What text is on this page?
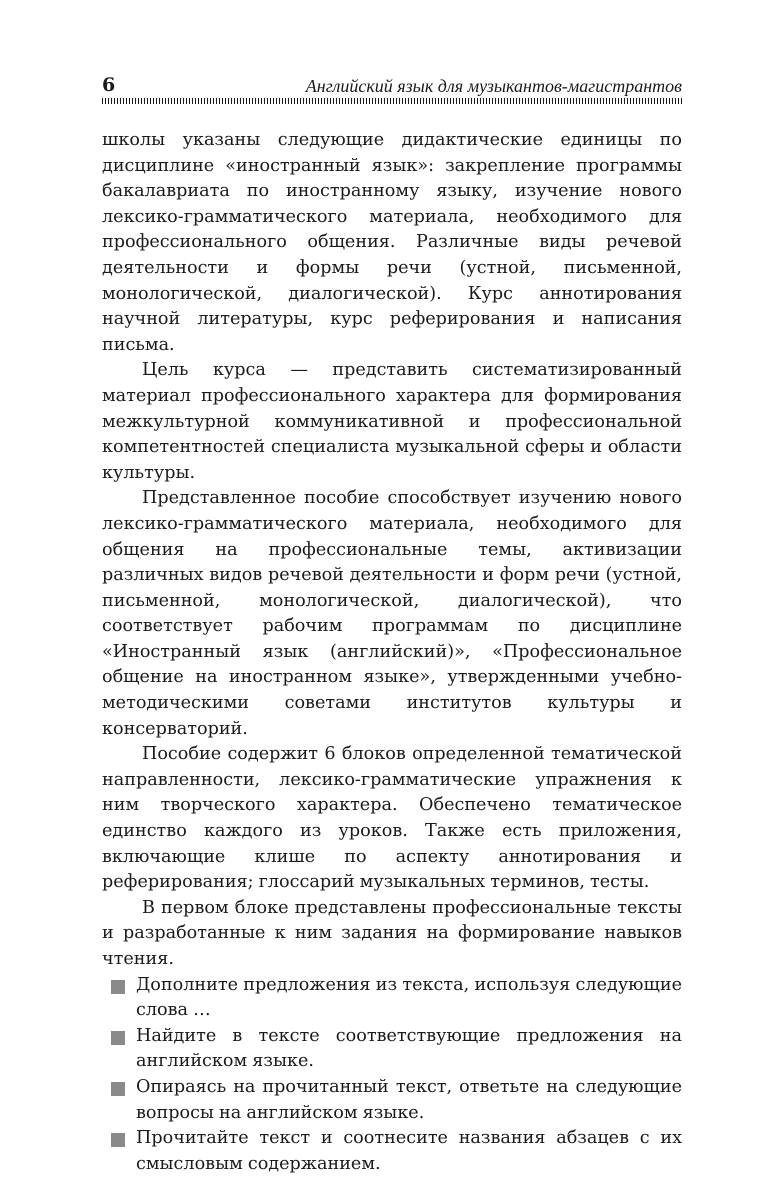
6	Английский язык для музыкантов-магистрантов

школы указаны следующие дидактические единицы по дисциплине «иностранный язык»: закрепление программы бакалавриата по иностранному языку, изучение нового лексико-грамматического материала, необходимого для профессионального общения. Различные виды речевой деятельности и формы речи (устной, письменной, монологической, диалогической). Курс аннотирования научной литературы, курс реферирования и написания письма.

Цель курса — представить систематизированный материал профессионального характера для формирования межкультурной коммуникативной и профессиональной компетентностей специалиста музыкальной сферы и области культуры.

Представленное пособие способствует изучению нового лексико-грамматического материала, необходимого для общения на профессиональные темы, активизации различных видов речевой деятельности и форм речи (устной, письменной, монологической, диалогической), что соответствует рабочим программам по дисциплине «Иностранный язык (английский)», «Профессиональное общение на иностранном языке», утвержденными учебно-методическими советами институтов культуры и консерваторий.

Пособие содержит 6 блоков определенной тематической направленности, лексико-грамматические упражнения к ним творческого характера. Обеспечено тематическое единство каждого из уроков. Также есть приложения, включающие клише по аспекту аннотирования и реферирования; глоссарий музыкальных терминов, тесты.

В первом блоке представлены профессиональные тексты и разработанные к ним задания на формирование навыков чтения.

Дополните предложения из текста, используя следующие слова …
Найдите в тексте соответствующие предложения на английском языке.
Опираясь на прочитанный текст, ответьте на следующие вопросы на английском языке.
Прочитайте текст и соотнесите названия абзацев с их смысловым содержанием.
